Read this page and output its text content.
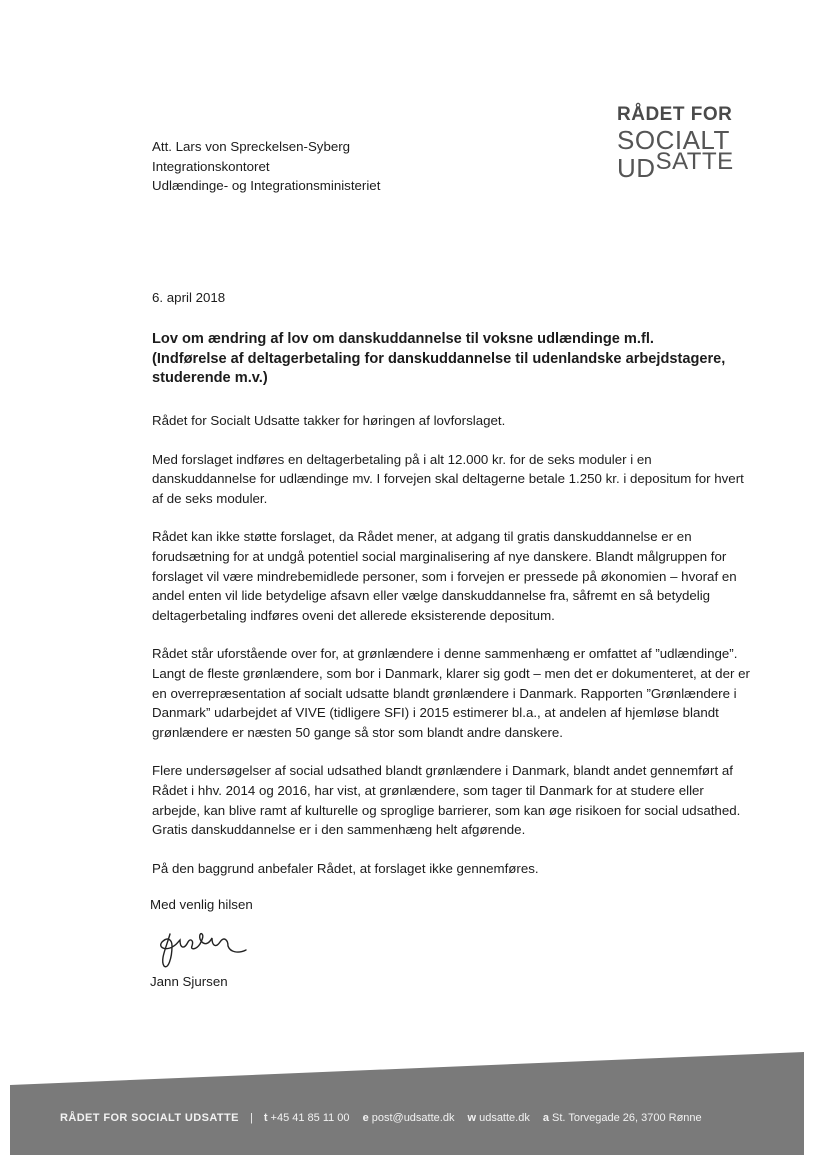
RÅDET FOR
SOCIALT
UDSATTE
Att. Lars von Spreckelsen-Syberg
Integrationskontoret
Udlændinge- og Integrationsministeriet
6. april 2018
Lov om ændring af lov om danskuddannelse til voksne udlændinge m.fl.
(Indførelse af deltagerbetaling for danskuddannelse til udenlandske arbejdstagere, studerende m.v.)

Rådet for Socialt Udsatte takker for høringen af lovforslaget.

Med forslaget indføres en deltagerbetaling på i alt 12.000 kr. for de seks moduler i en danskuddannelse for udlændinge mv. I forvejen skal deltagerne betale 1.250 kr. i depositum for hvert af de seks moduler.

Rådet kan ikke støtte forslaget, da Rådet mener, at adgang til gratis danskuddannelse er en forudsætning for at undgå potentiel social marginalisering af nye danskere. Blandt målgruppen for forslaget vil være mindrebemidlede personer, som i forvejen er pressede på økonomien – hvoraf en andel enten vil lide betydelige afsavn eller vælge danskuddannelse fra, såfremt en så betydelig deltagerbetaling indføres oveni det allerede eksisterende depositum.

Rådet står uforstående over for, at grønlændere i denne sammenhæng er omfattet af ”udlændinge”. Langt de fleste grønlændere, som bor i Danmark, klarer sig godt – men det er dokumenteret, at der er en overrepræsentation af socialt udsatte blandt grønlændere i Danmark. Rapporten ”Grønlændere i Danmark” udarbejdet af VIVE (tidligere SFI) i 2015 estimerer bl.a., at andelen af hjemløse blandt grønlændere er næsten 50 gange så stor som blandt andre danskere.

Flere undersøgelser af social udsathed blandt grønlændere i Danmark, blandt andet gennemført af Rådet i hhv. 2014 og 2016, har vist, at grønlændere, som tager til Danmark for at studere eller arbejde, kan blive ramt af kulturelle og sproglige barrierer, som kan øge risikoen for social udsathed. Gratis danskuddannelse er i den sammenhæng helt afgørende.

På den baggrund anbefaler Rådet, at forslaget ikke gennemføres.

Med venlig hilsen
Jann Sjursen
RÅDET FOR SOCIALT UDSATTE | t +45 41 85 11 00 e post@udsatte.dk w udsatte.dk a St. Torvegade 26, 3700 Rønne
